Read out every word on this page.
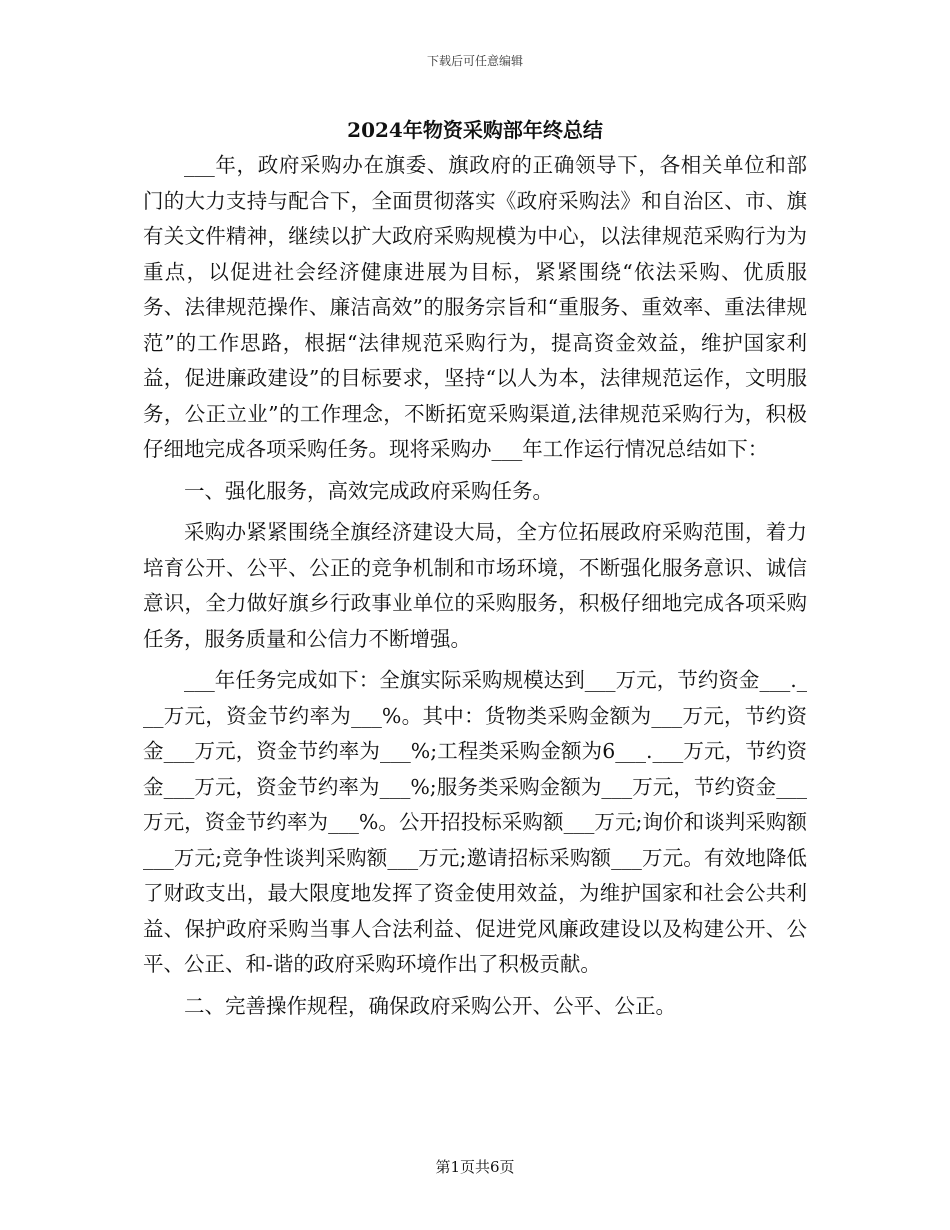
下载后可任意编辑
2024年物资采购部年终总结

___年，政府采购办在旗委、旗政府的正确领导下，各相关单位和部门的大力支持与配合下，全面贯彻落实《政府采购法》和自治区、市、旗有关文件精神，继续以扩大政府采购规模为中心，以法律规范采购行为为重点，以促进社会经济健康进展为目标，紧紧围绕“依法采购、优质服务、法律规范操作、廉洁高效”的服务宗旨和“重服务、重效率、重法律规范”的工作思路，根据“法律规范采购行为，提高资金效益，维护国家利益，促进廉政建设”的目标要求，坚持“以人为本，法律规范运作，文明服务，公正立业”的工作理念，不断拓宽采购渠道,法律规范采购行为，积极仔细地完成各项采购任务。现将采购办___年工作运行情况总结如下：

一、强化服务，高效完成政府采购任务。

采购办紧紧围绕全旗经济建设大局，全方位拓展政府采购范围，着力培育公开、公平、公正的竞争机制和市场环境，不断强化服务意识、诚信意识，全力做好旗乡行政事业单位的采购服务，积极仔细地完成各项采购任务，服务质量和公信力不断增强。

___年任务完成如下：全旗实际采购规模达到___万元，节约资金___.___万元，资金节约率为___%。其中：货物类采购金额为___万元，节约资金___万元，资金节约率为___%;工程类采购金额为6___.___万元，节约资金___万元，资金节约率为___%;服务类采购金额为___万元，节约资金___万元，资金节约率为___%。公开招投标采购额___万元;询价和谈判采购额___万元;竞争性谈判采购额___万元;邀请招标采购额___万元。有效地降低了财政支出，最大限度地发挥了资金使用效益，为维护国家和社会公共利益、保护政府采购当事人合法利益、促进党风廉政建设以及构建公开、公平、公正、和-谐的政府采购环境作出了积极贡献。

二、完善操作规程，确保政府采购公开、公平、公正。

第1页共6页
